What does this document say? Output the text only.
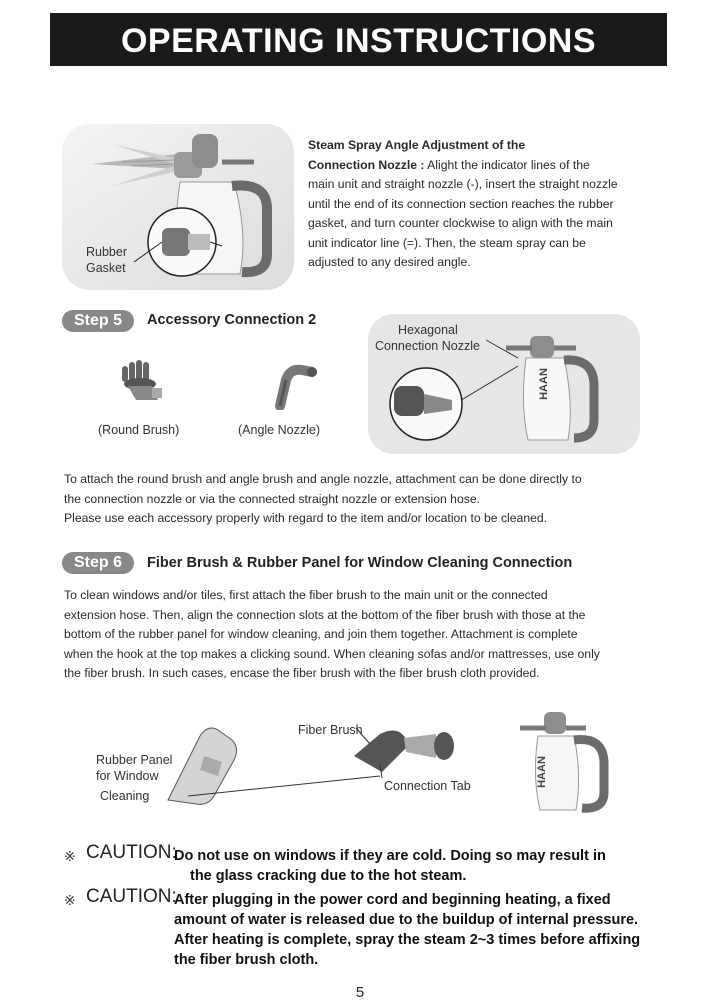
OPERATING INSTRUCTIONS
Rubber
Gasket
Steam Spray Angle Adjustment of the
Connection Nozzle : Alight the indicator lines of the
main unit and straight nozzle (-), insert the straight nozzle
until the end of its connection section reaches the rubber
gasket, and turn counter clockwise to align with the main
unit indicator line (=). Then, the steam spray can be
adjusted to any desired angle.
Step 5	Accessory Connection 2
(Round Brush)	(Angle Nozzle)
Hexagonal
Connection Nozzle
HAAN
To attach the round brush and angle brush and angle nozzle, attachment can be done directly to
the connection nozzle or via the connected straight nozzle or extension hose.
Please use each accessory properly with regard to the item and/or location to be cleaned.
Step 6	Fiber Brush & Rubber Panel for Window Cleaning Connection
To clean windows and/or tiles, first attach the fiber brush to the main unit or the connected
extension hose. Then, align the connection slots at the bottom of the fiber brush with those at the
bottom of the rubber panel for window cleaning, and join them together. Attachment is complete
when the hook at the top makes a clicking sound. When cleaning sofas and/or mattresses, use only
the fiber brush. In such cases, encase the fiber brush with the fiber brush cloth provided.
Fiber Brush
Rubber Panel
for Window
Cleaning
Connection Tab	HAAN
※ CAUTION:
Do not use on windows if they are cold. Doing so may result in
the glass cracking due to the hot steam.
※ CAUTION:
After plugging in the power cord and beginning heating, a fixed
amount of water is released due to the buildup of internal pressure.
After heating is complete, spray the steam 2~3 times before affixing
the fiber brush cloth.
5
